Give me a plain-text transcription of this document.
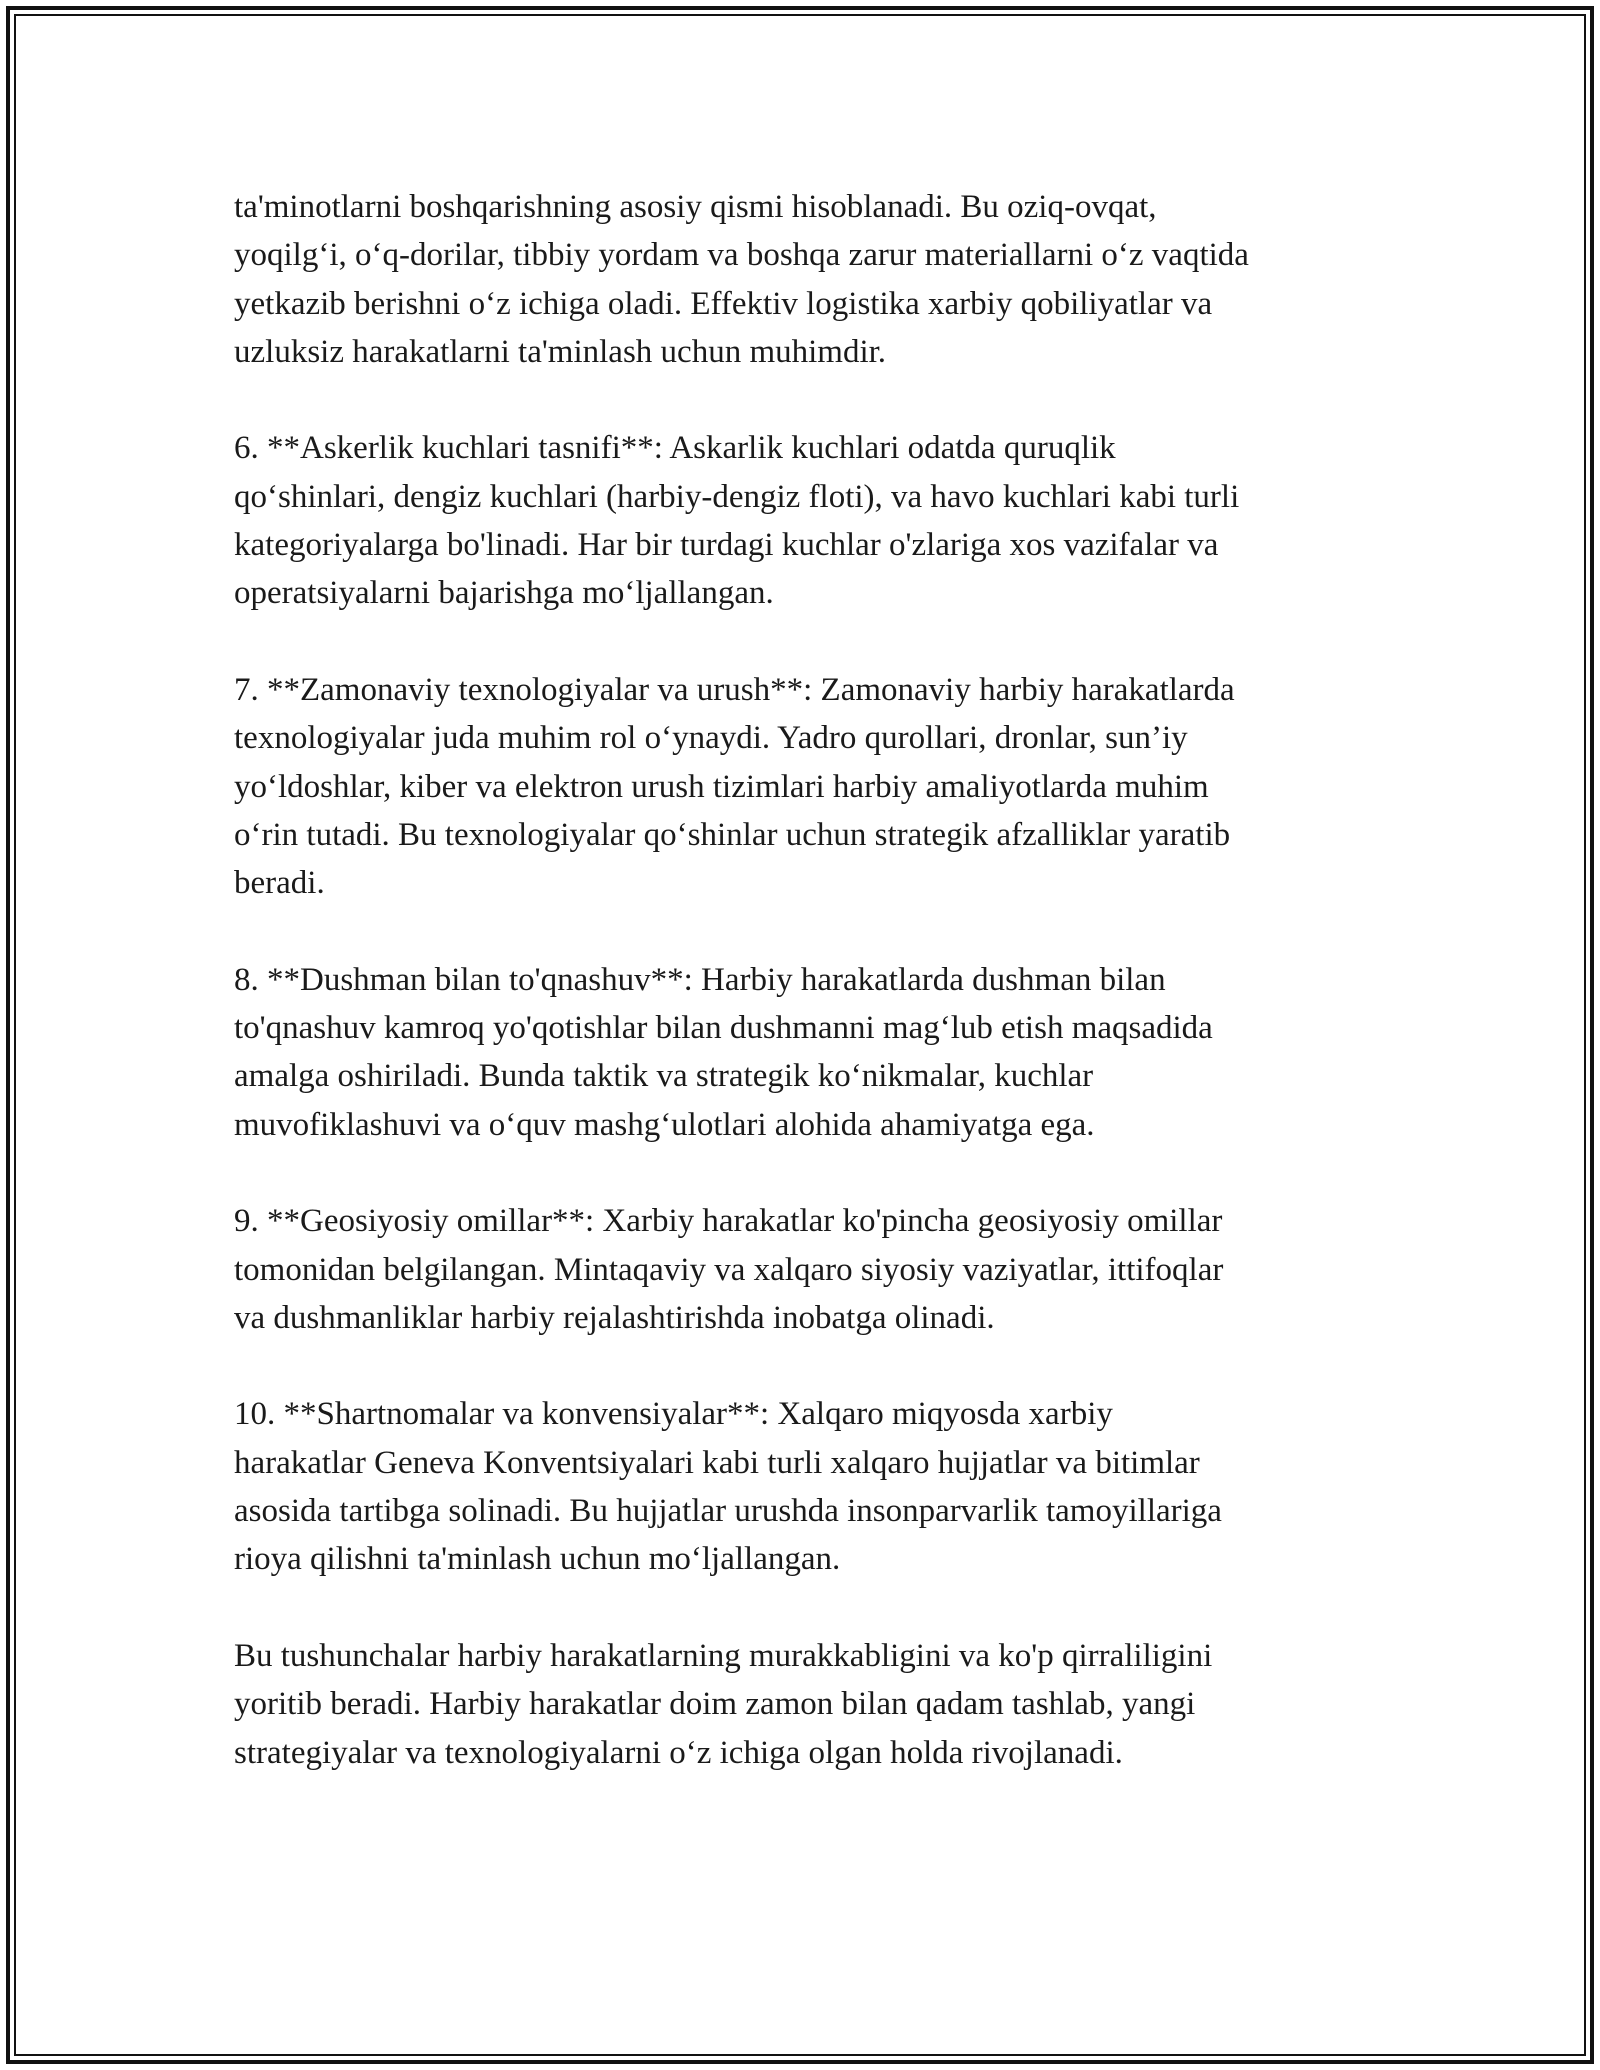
ta'minotlarni boshqarishning asosiy qismi hisoblanadi. Bu oziq-ovqat,
yoqilg‘i, o‘q-dorilar, tibbiy yordam va boshqa zarur materiallarni o‘z vaqtida
yetkazib berishni o‘z ichiga oladi. Effektiv logistika xarbiy qobiliyatlar va
uzluksiz harakatlarni ta'minlash uchun muhimdir.

6. **Askerlik kuchlari tasnifi**: Askarlik kuchlari odatda quruqlik
qo‘shinlari, dengiz kuchlari (harbiy-dengiz floti), va havo kuchlari kabi turli
kategoriyalarga bo'linadi. Har bir turdagi kuchlar o'zlariga xos vazifalar va
operatsiyalarni bajarishga mo‘ljallangan.

7. **Zamonaviy texnologiyalar va urush**: Zamonaviy harbiy harakatlarda
texnologiyalar juda muhim rol o‘ynaydi. Yadro qurollari, dronlar, sun’iy
yo‘ldoshlar, kiber va elektron urush tizimlari harbiy amaliyotlarda muhim
o‘rin tutadi. Bu texnologiyalar qo‘shinlar uchun strategik afzalliklar yaratib
beradi.

8. **Dushman bilan to'qnashuv**: Harbiy harakatlarda dushman bilan
to'qnashuv kamroq yo'qotishlar bilan dushmanni mag‘lub etish maqsadida
amalga oshiriladi. Bunda taktik va strategik ko‘nikmalar, kuchlar
muvofiklashuvi va o‘quv mashg‘ulotlari alohida ahamiyatga ega.

9. **Geosiyosiy omillar**: Xarbiy harakatlar ko'pincha geosiyosiy omillar
tomonidan belgilangan. Mintaqaviy va xalqaro siyosiy vaziyatlar, ittifoqlar
va dushmanliklar harbiy rejalashtirishda inobatga olinadi.

10. **Shartnomalar va konvensiyalar**: Xalqaro miqyosda xarbiy
harakatlar Geneva Konventsiyalari kabi turli xalqaro hujjatlar va bitimlar
asosida tartibga solinadi. Bu hujjatlar urushda insonparvarlik tamoyillariga
rioya qilishni ta'minlash uchun mo‘ljallangan.

Bu tushunchalar harbiy harakatlarning murakkabligini va ko'p qirraliligini
yoritib beradi. Harbiy harakatlar doim zamon bilan qadam tashlab, yangi
strategiyalar va texnologiyalarni o‘z ichiga olgan holda rivojlanadi.
